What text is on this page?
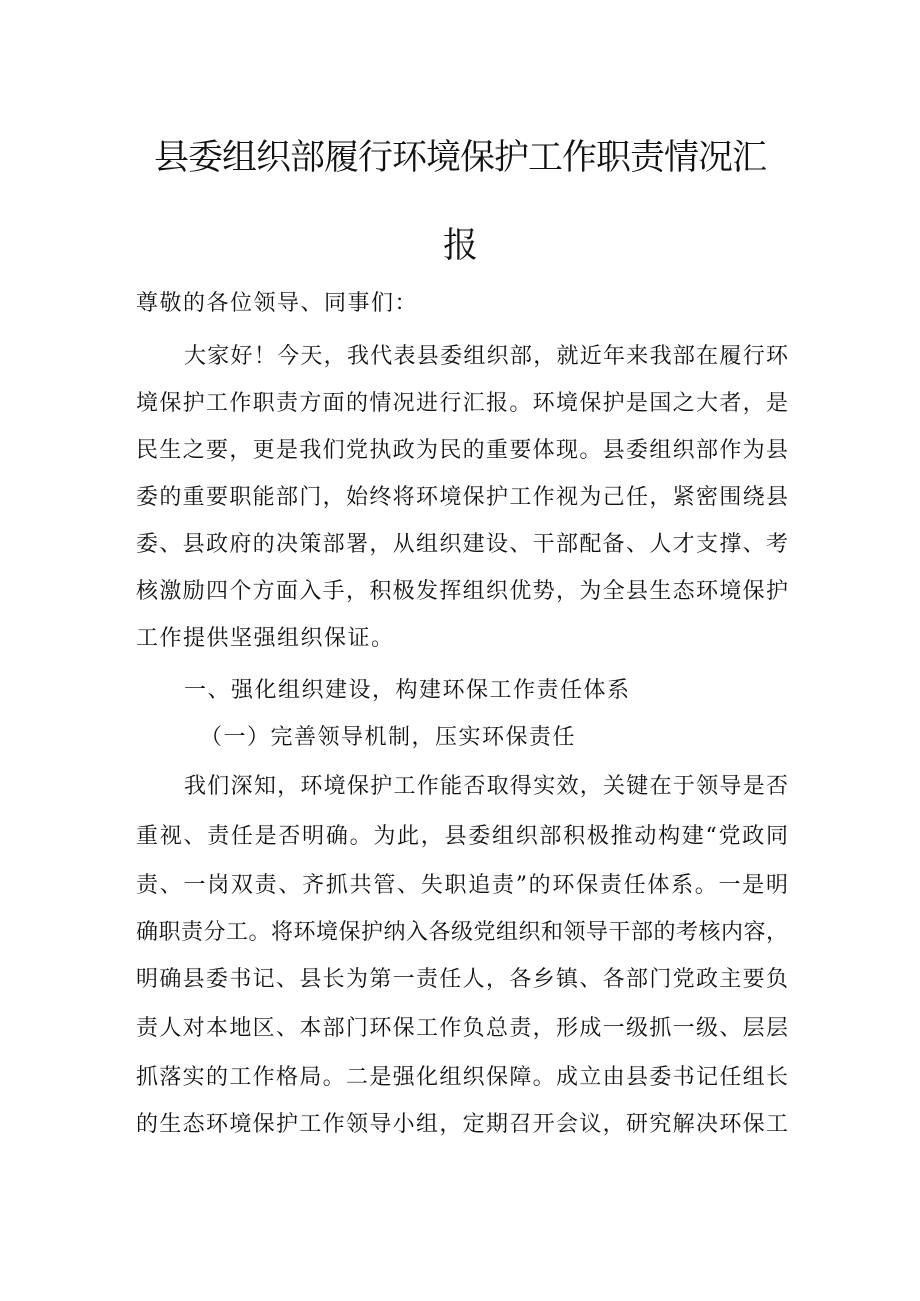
县委组织部履行环境保护工作职责情况汇
报
尊敬的各位领导、同事们：
大家好！今天，我代表县委组织部，就近年来我部在履行环
境保护工作职责方面的情况进行汇报。环境保护是国之大者，是
民生之要，更是我们党执政为民的重要体现。县委组织部作为县
委的重要职能部门，始终将环境保护工作视为己任，紧密围绕县
委、县政府的决策部署，从组织建设、干部配备、人才支撑、考
核激励四个方面入手，积极发挥组织优势，为全县生态环境保护
工作提供坚强组织保证。
一、强化组织建设，构建环保工作责任体系
（一）完善领导机制，压实环保责任
我们深知，环境保护工作能否取得实效，关键在于领导是否
重视、责任是否明确。为此，县委组织部积极推动构建“党政同
责、一岗双责、齐抓共管、失职追责”的环保责任体系。一是明
确职责分工。将环境保护纳入各级党组织和领导干部的考核内容，
明确县委书记、县长为第一责任人，各乡镇、各部门党政主要负
责人对本地区、本部门环保工作负总责，形成一级抓一级、层层
抓落实的工作格局。二是强化组织保障。成立由县委书记任组长
的生态环境保护工作领导小组，定期召开会议，研究解决环保工
